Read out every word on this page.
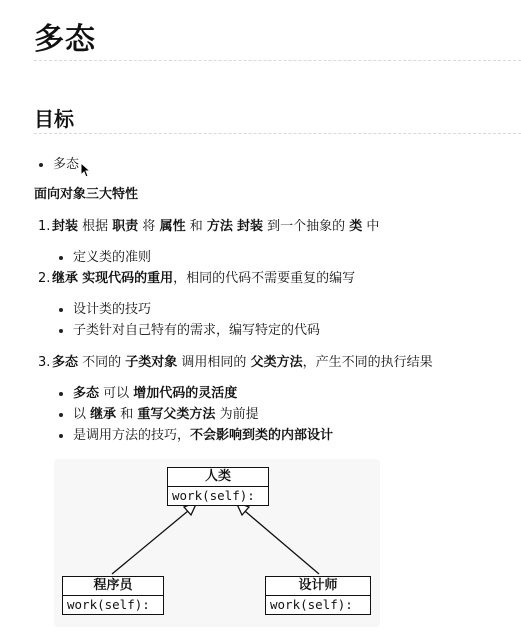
多态
目标
多态
面向对象三大特性
1. 封装 根据 职责 将 属性 和 方法 封装 到一个抽象的 类 中
定义类的准则
2. 继承 实现代码的重用，相同的代码不需要重复的编写
设计类的技巧
子类针对自己特有的需求，编写特定的代码
3. 多态 不同的 子类对象 调用相同的 父类方法，产生不同的执行结果
多态 可以 增加代码的灵活度
以 继承 和 重写父类方法 为前提
是调用方法的技巧，不会影响到类的内部设计
人类
work(self):
程序员
work(self):
设计师
work(self):
